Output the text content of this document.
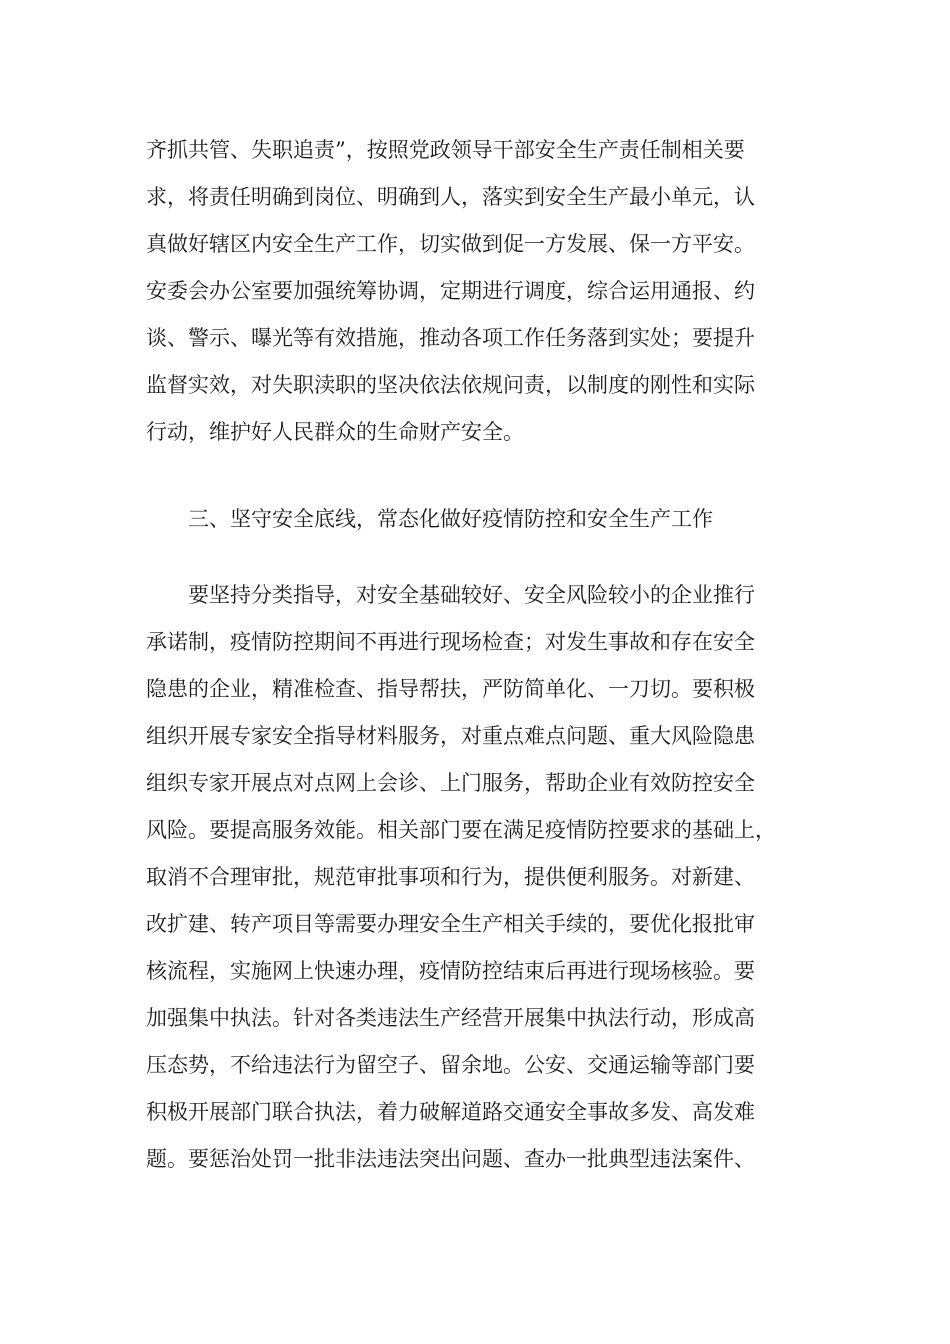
齐抓共管、失职追责”，按照党政领导干部安全生产责任制相关要
求，将责任明确到岗位、明确到人，落实到安全生产最小单元，认
真做好辖区内安全生产工作，切实做到促一方发展、保一方平安。
安委会办公室要加强统筹协调，定期进行调度，综合运用通报、约
谈、警示、曝光等有效措施，推动各项工作任务落到实处；要提升
监督实效，对失职渎职的坚决依法依规问责，以制度的刚性和实际
行动，维护好人民群众的生命财产安全。
三、坚守安全底线，常态化做好疫情防控和安全生产工作
要坚持分类指导，对安全基础较好、安全风险较小的企业推行
承诺制，疫情防控期间不再进行现场检查；对发生事故和存在安全
隐患的企业，精准检查、指导帮扶，严防简单化、一刀切。要积极
组织开展专家安全指导材料服务，对重点难点问题、重大风险隐患
组织专家开展点对点网上会诊、上门服务，帮助企业有效防控安全
风险。要提高服务效能。相关部门要在满足疫情防控要求的基础上，
取消不合理审批，规范审批事项和行为，提供便利服务。对新建、
改扩建、转产项目等需要办理安全生产相关手续的，要优化报批审
核流程，实施网上快速办理，疫情防控结束后再进行现场核验。要
加强集中执法。针对各类违法生产经营开展集中执法行动，形成高
压态势，不给违法行为留空子、留余地。公安、交通运输等部门要
积极开展部门联合执法，着力破解道路交通安全事故多发、高发难
题。要惩治处罚一批非法违法突出问题、查办一批典型违法案件、
